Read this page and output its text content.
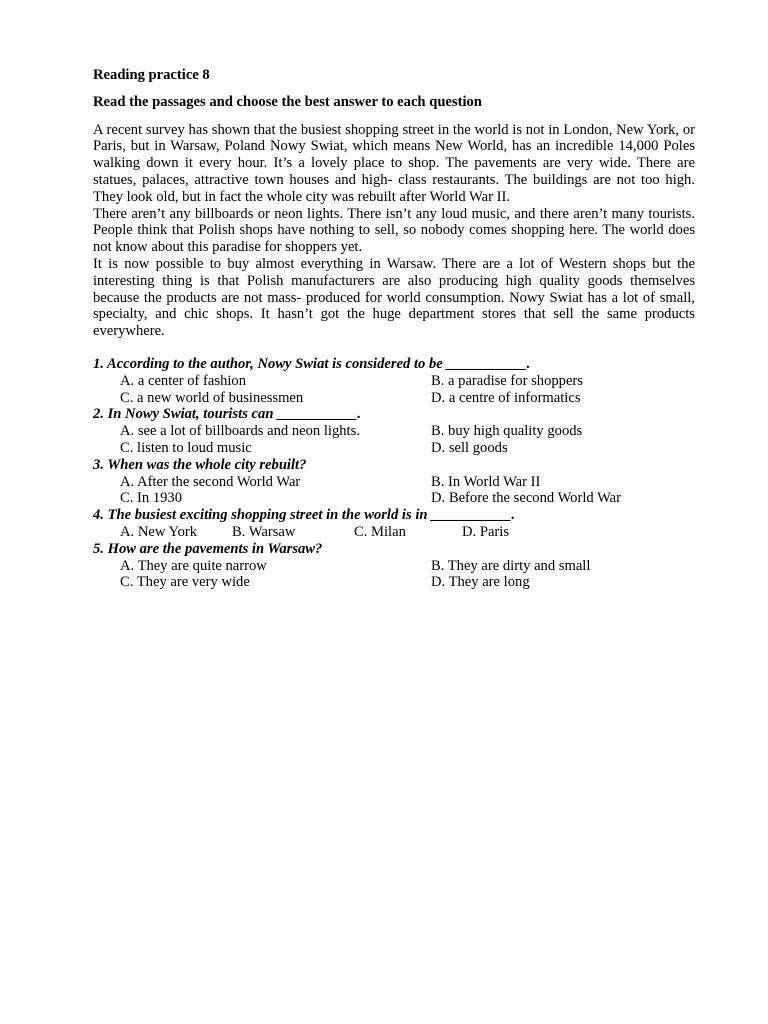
Reading practice 8
Read the passages and choose the best answer to each question

A recent survey has shown that the busiest shopping street in the world is not in London, New York, or Paris, but in Warsaw, Poland Nowy Swiat, which means New World, has an incredible 14,000 Poles walking down it every hour. It’s a lovely place to shop. The pavements are very wide. There are statues, palaces, attractive town houses and high- class restaurants. The buildings are not too high. They look old, but in fact the whole city was rebuilt after World War II.

There aren’t any billboards or neon lights. There isn’t any loud music, and there aren’t many tourists. People think that Polish shops have nothing to sell, so nobody comes shopping here. The world does not know about this paradise for shoppers yet.

It is now possible to buy almost everything in Warsaw. There are a lot of Western shops but the interesting thing is that Polish manufacturers are also producing high quality goods themselves because the products are not mass- produced for world consumption. Nowy Swiat has a lot of small, specialty, and chic shops. It hasn’t got the huge department stores that sell the same products everywhere.

1. According to the author, Nowy Swiat is considered to be ___________.
A. a center of fashion	B. a paradise for shoppers
C. a new world of businessmen	D. a centre of informatics
2. In Nowy Swiat, tourists can ___________.
A. see a lot of billboards and neon lights.	B. buy high quality goods
C. listen to loud music	D. sell goods
3. When was the whole city rebuilt?
A. After the second World War	B. In World War II
C. In 1930	D. Before the second World War
4. The busiest exciting shopping street in the world is in ___________.
A. New York	B. Warsaw	C. Milan	D. Paris
5. How are the pavements in Warsaw?
A. They are quite narrow	B. They are dirty and small
C. They are very wide	D. They are long
